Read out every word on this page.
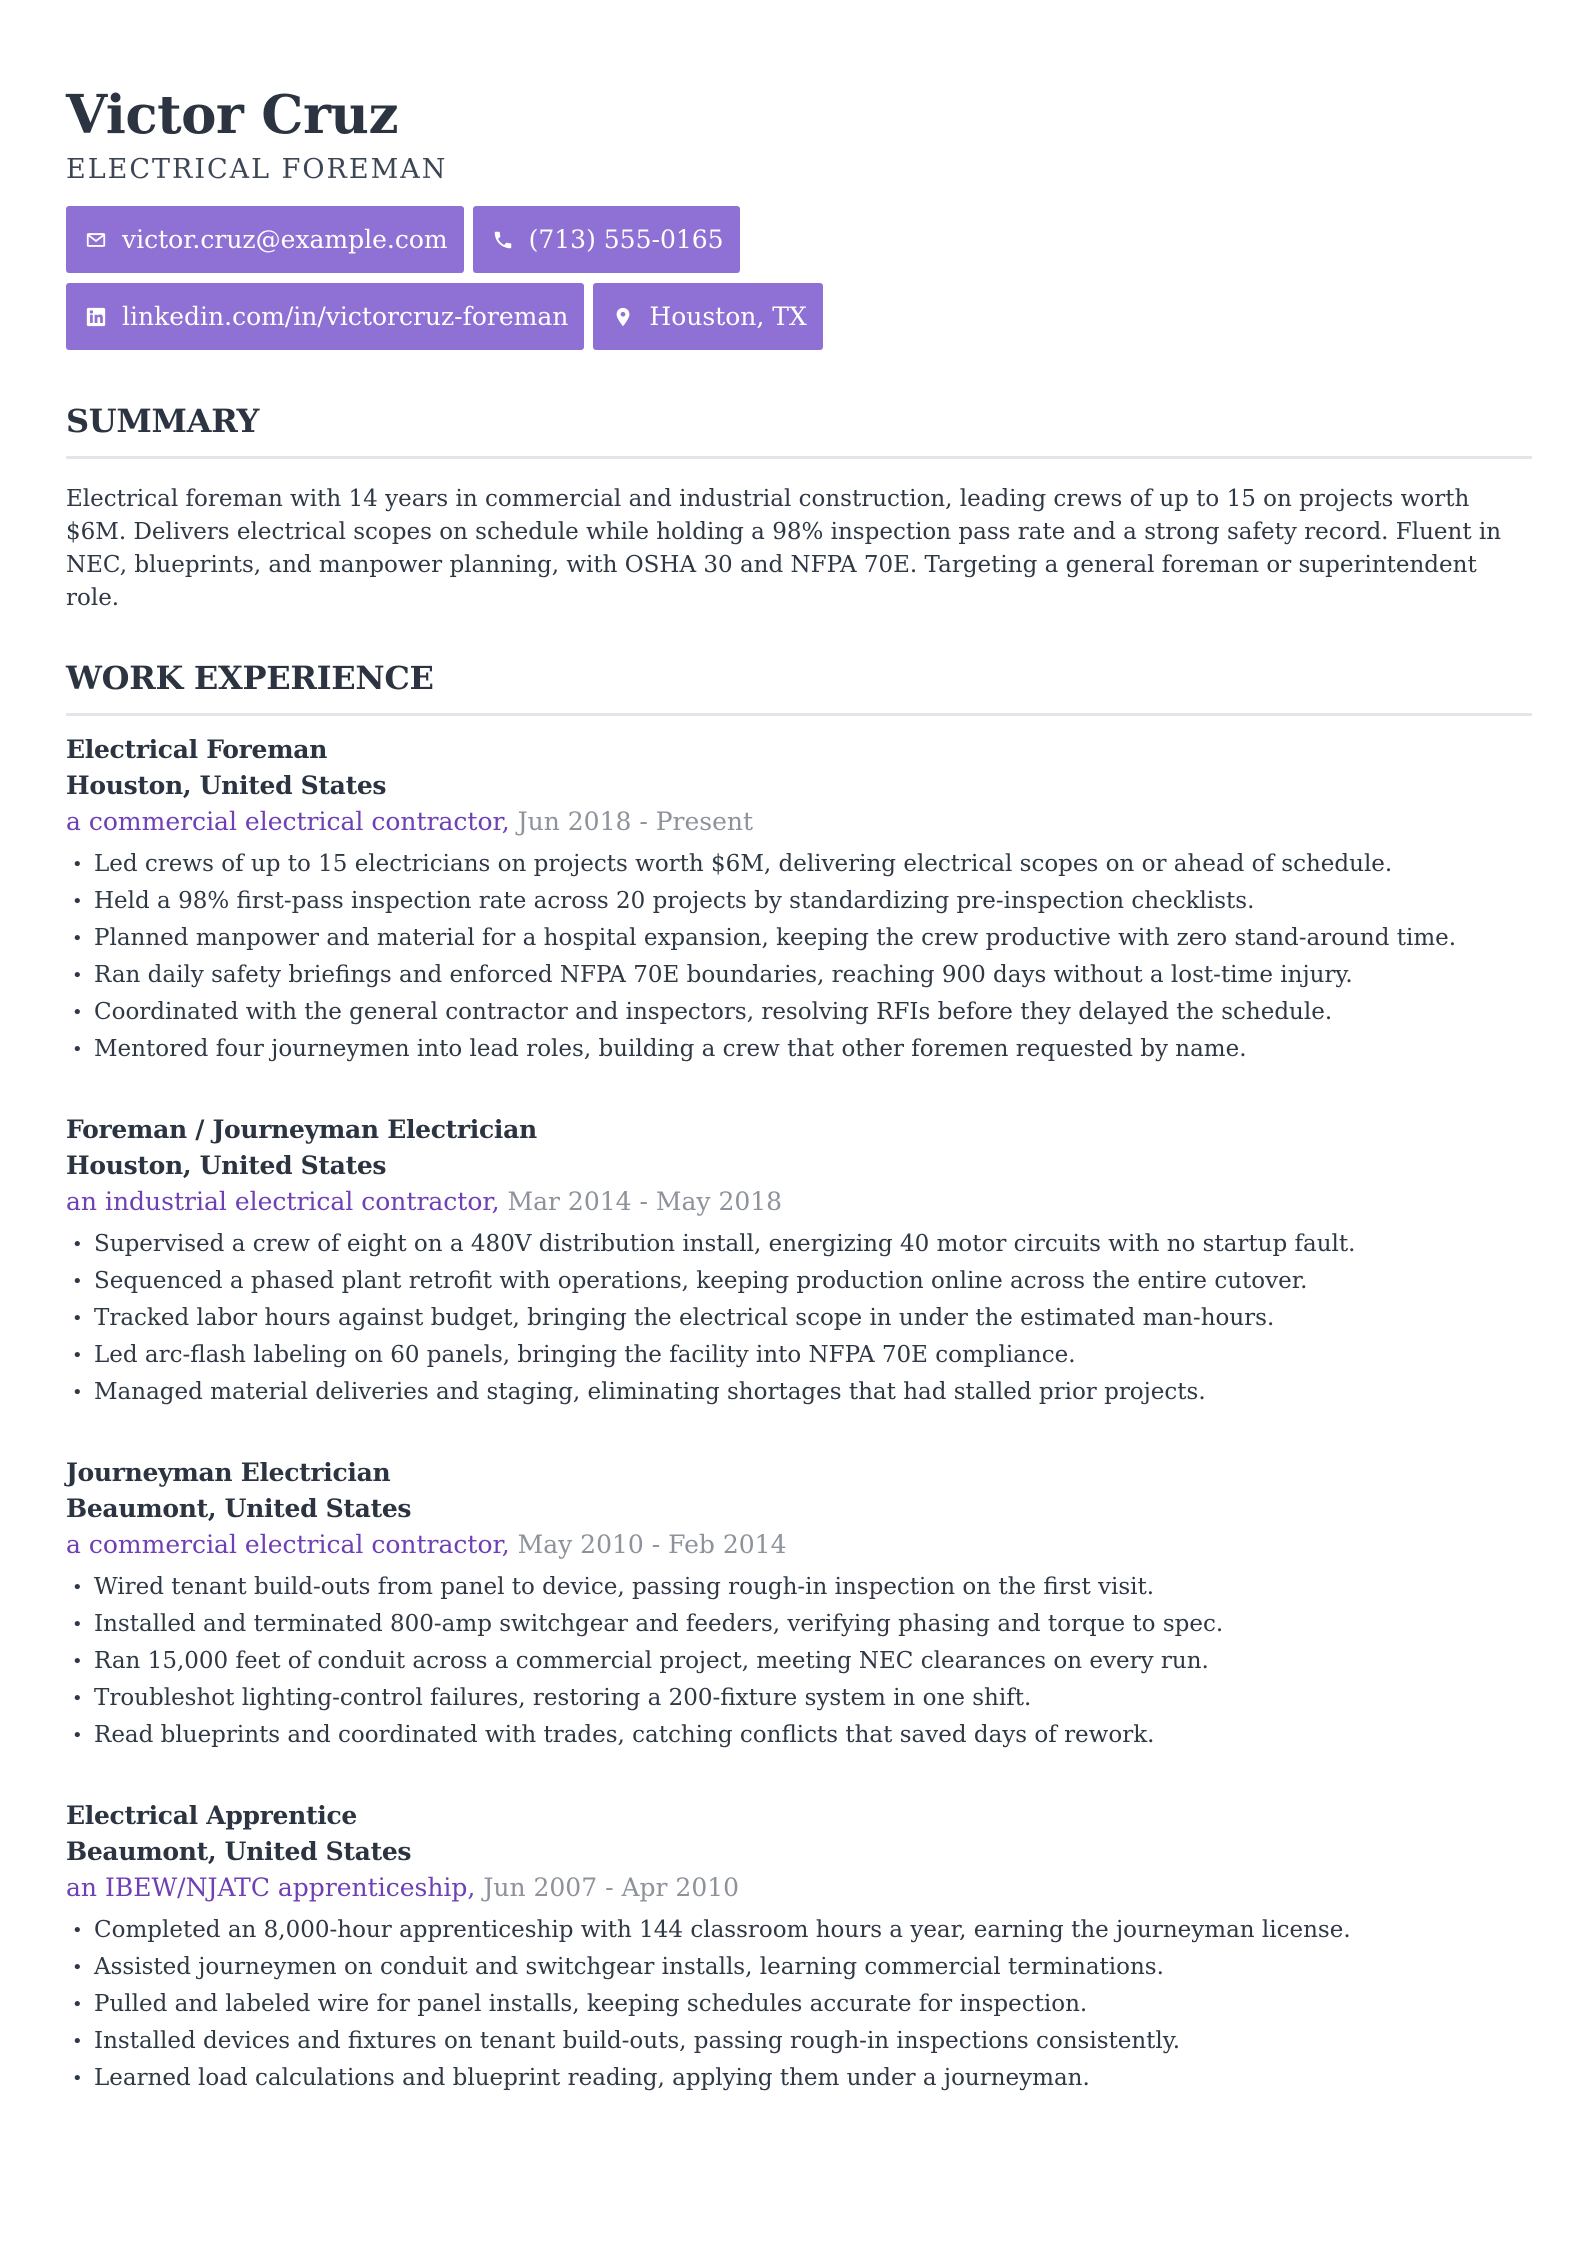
Victor Cruz
ELECTRICAL FOREMAN
victor.cruz@example.com	(713) 555-0165
linkedin.com/in/victorcruz-foreman	Houston, TX
SUMMARY

Electrical foreman with 14 years in commercial and industrial construction, leading crews of up to 15 on projects worth $6M. Delivers electrical scopes on schedule while holding a 98% inspection pass rate and a strong safety record. Fluent in NEC, blueprints, and manpower planning, with OSHA 30 and NFPA 70E. Targeting a general foreman or superintendent role.

WORK EXPERIENCE
Electrical Foreman
Houston, United States
a commercial electrical contractor, Jun 2018 - Present
• Led crews of up to 15 electricians on projects worth $6M, delivering electrical scopes on or ahead of schedule.
• Held a 98% first-pass inspection rate across 20 projects by standardizing pre-inspection checklists.
• Planned manpower and material for a hospital expansion, keeping the crew productive with zero stand-around time.
• Ran daily safety briefings and enforced NFPA 70E boundaries, reaching 900 days without a lost-time injury.
• Coordinated with the general contractor and inspectors, resolving RFIs before they delayed the schedule.
• Mentored four journeymen into lead roles, building a crew that other foremen requested by name.
Foreman / Journeyman Electrician
Houston, United States
an industrial electrical contractor, Mar 2014 - May 2018
• Supervised a crew of eight on a 480V distribution install, energizing 40 motor circuits with no startup fault.
• Sequenced a phased plant retrofit with operations, keeping production online across the entire cutover.
• Tracked labor hours against budget, bringing the electrical scope in under the estimated man-hours.
• Led arc-flash labeling on 60 panels, bringing the facility into NFPA 70E compliance.
• Managed material deliveries and staging, eliminating shortages that had stalled prior projects.
Journeyman Electrician
Beaumont, United States
a commercial electrical contractor, May 2010 - Feb 2014
• Wired tenant build-outs from panel to device, passing rough-in inspection on the first visit.
• Installed and terminated 800-amp switchgear and feeders, verifying phasing and torque to spec.
• Ran 15,000 feet of conduit across a commercial project, meeting NEC clearances on every run.
• Troubleshot lighting-control failures, restoring a 200-fixture system in one shift.
• Read blueprints and coordinated with trades, catching conflicts that saved days of rework.
Electrical Apprentice
Beaumont, United States
an IBEW/NJATC apprenticeship, Jun 2007 - Apr 2010
• Completed an 8,000-hour apprenticeship with 144 classroom hours a year, earning the journeyman license.
• Assisted journeymen on conduit and switchgear installs, learning commercial terminations.
• Pulled and labeled wire for panel installs, keeping schedules accurate for inspection.
• Installed devices and fixtures on tenant build-outs, passing rough-in inspections consistently.
• Learned load calculations and blueprint reading, applying them under a journeyman.
